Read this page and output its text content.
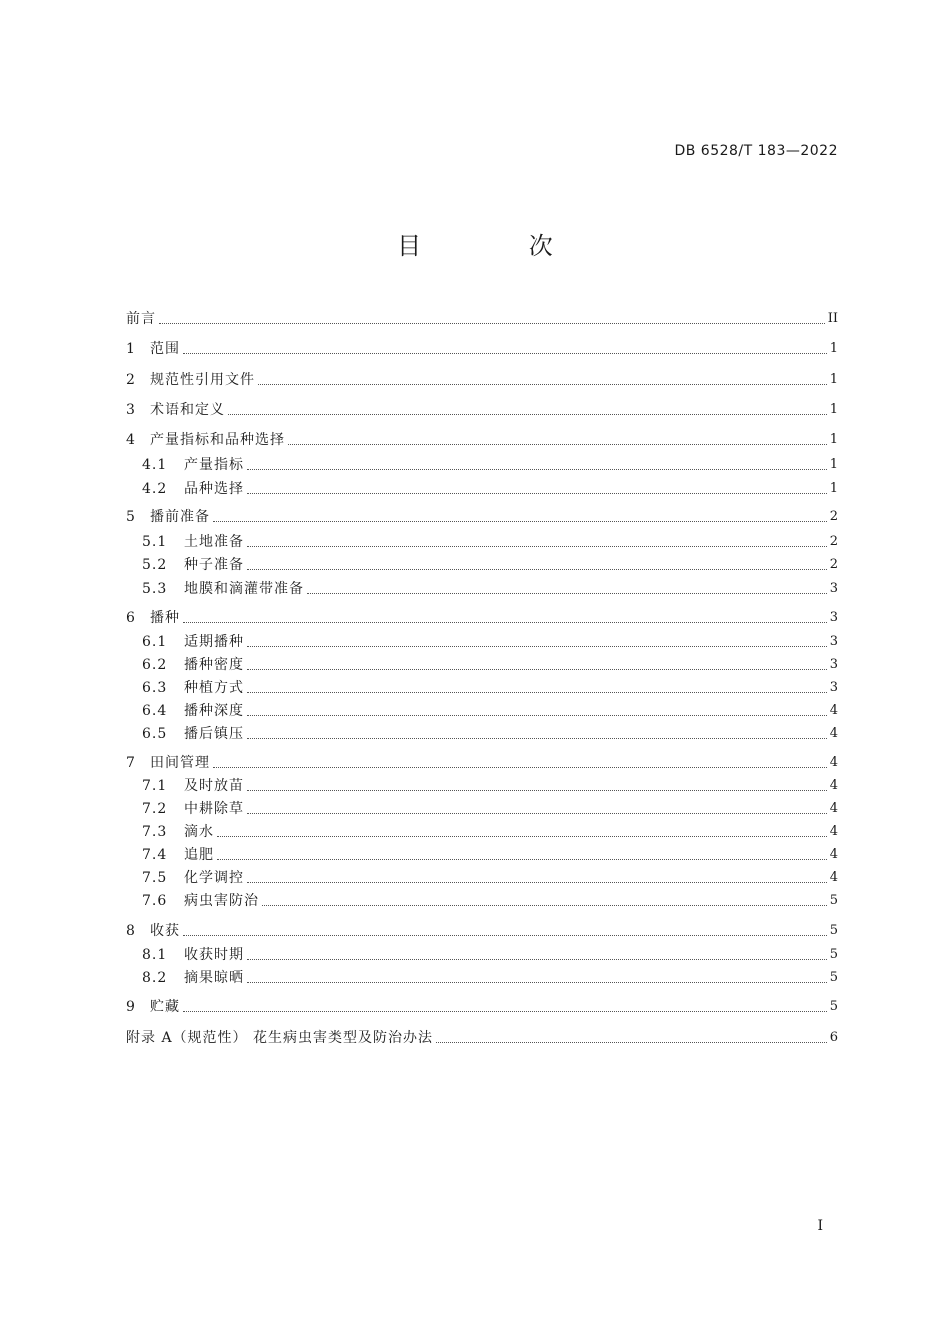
DB 6528/T 183—2022
目 次
前言	II
1	范围	1
2	规范性引用文件	1
3	术语和定义	1
4	产量指标和品种选择	1
4.1	产量指标	1
4.2	品种选择	1
5	播前准备	2
5.1	土地准备	2
5.2	种子准备	2
5.3	地膜和滴灌带准备	3
6	播种	3
6.1	适期播种	3
6.2	播种密度	3
6.3	种植方式	3
6.4	播种深度	4
6.5	播后镇压	4
7	田间管理	4
7.1	及时放苗	4
7.2	中耕除草	4
7.3	滴水	4
7.4	追肥	4
7.5	化学调控	4
7.6	病虫害防治	5
8	收获	5
8.1	收获时期	5
8.2	摘果晾晒	5
9	贮藏	5
附录 A（规范性） 花生病虫害类型及防治办法	6
I
